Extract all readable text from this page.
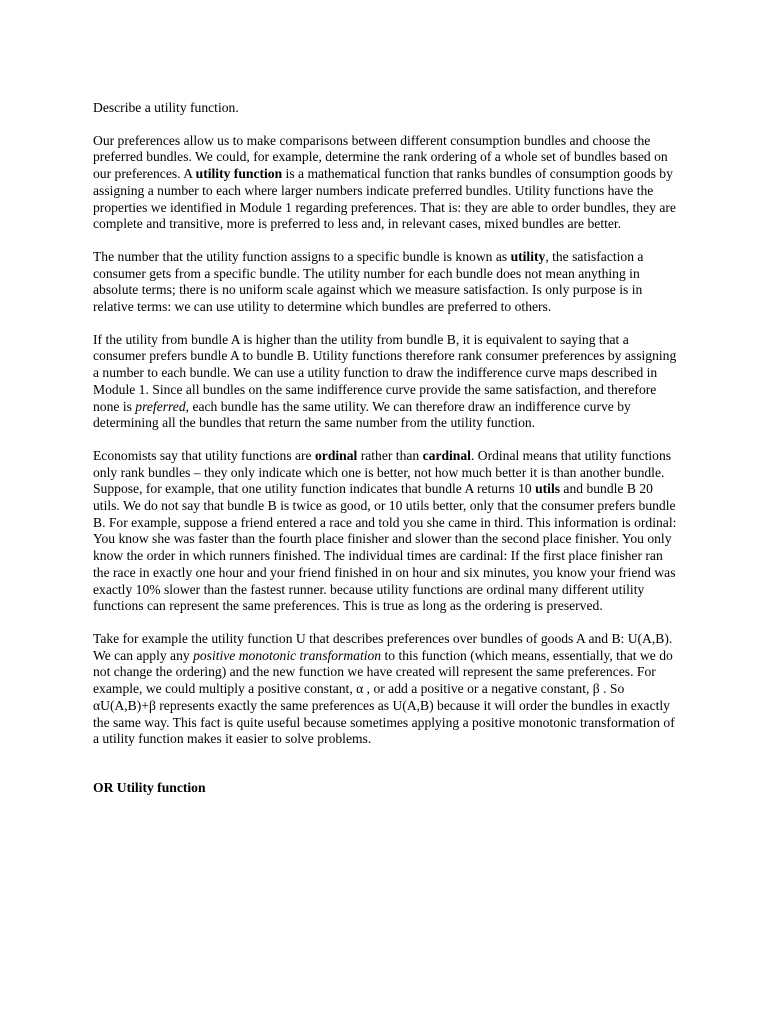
Describe a utility function.

Our preferences allow us to make comparisons between different consumption bundles and choose the preferred bundles. We could, for example, determine the rank ordering of a whole set of bundles based on our preferences. A utility function is a mathematical function that ranks bundles of consumption goods by assigning a number to each where larger numbers indicate preferred bundles. Utility functions have the properties we identified in Module 1 regarding preferences. That is: they are able to order bundles, they are complete and transitive, more is preferred to less and, in relevant cases, mixed bundles are better.

The number that the utility function assigns to a specific bundle is known as utility, the satisfaction a consumer gets from a specific bundle. The utility number for each bundle does not mean anything in absolute terms; there is no uniform scale against which we measure satisfaction. Is only purpose is in relative terms: we can use utility to determine which bundles are preferred to others.

If the utility from bundle A is higher than the utility from bundle B, it is equivalent to saying that a consumer prefers bundle A to bundle B. Utility functions therefore rank consumer preferences by assigning a number to each bundle. We can use a utility function to draw the indifference curve maps described in Module 1. Since all bundles on the same indifference curve provide the same satisfaction, and therefore none is preferred, each bundle has the same utility. We can therefore draw an indifference curve by determining all the bundles that return the same number from the utility function.

Economists say that utility functions are ordinal rather than cardinal. Ordinal means that utility functions only rank bundles – they only indicate which one is better, not how much better it is than another bundle. Suppose, for example, that one utility function indicates that bundle A returns 10 utils and bundle B 20 utils. We do not say that bundle B is twice as good, or 10 utils better, only that the consumer prefers bundle B. For example, suppose a friend entered a race and told you she came in third. This information is ordinal: You know she was faster than the fourth place finisher and slower than the second place finisher. You only know the order in which runners finished. The individual times are cardinal: If the first place finisher ran the race in exactly one hour and your friend finished in on hour and six minutes, you know your friend was exactly 10% slower than the fastest runner. because utility functions are ordinal many different utility functions can represent the same preferences. This is true as long as the ordering is preserved.

Take for example the utility function U that describes preferences over bundles of goods A and B: U(A,B). We can apply any positive monotonic transformation to this function (which means, essentially, that we do not change the ordering) and the new function we have created will represent the same preferences. For example, we could multiply a positive constant, α , or add a positive or a negative constant, β . So αU(A,B)+β represents exactly the same preferences as U(A,B) because it will order the bundles in exactly the same way. This fact is quite useful because sometimes applying a positive monotonic transformation of a utility function makes it easier to solve problems.

OR Utility function
